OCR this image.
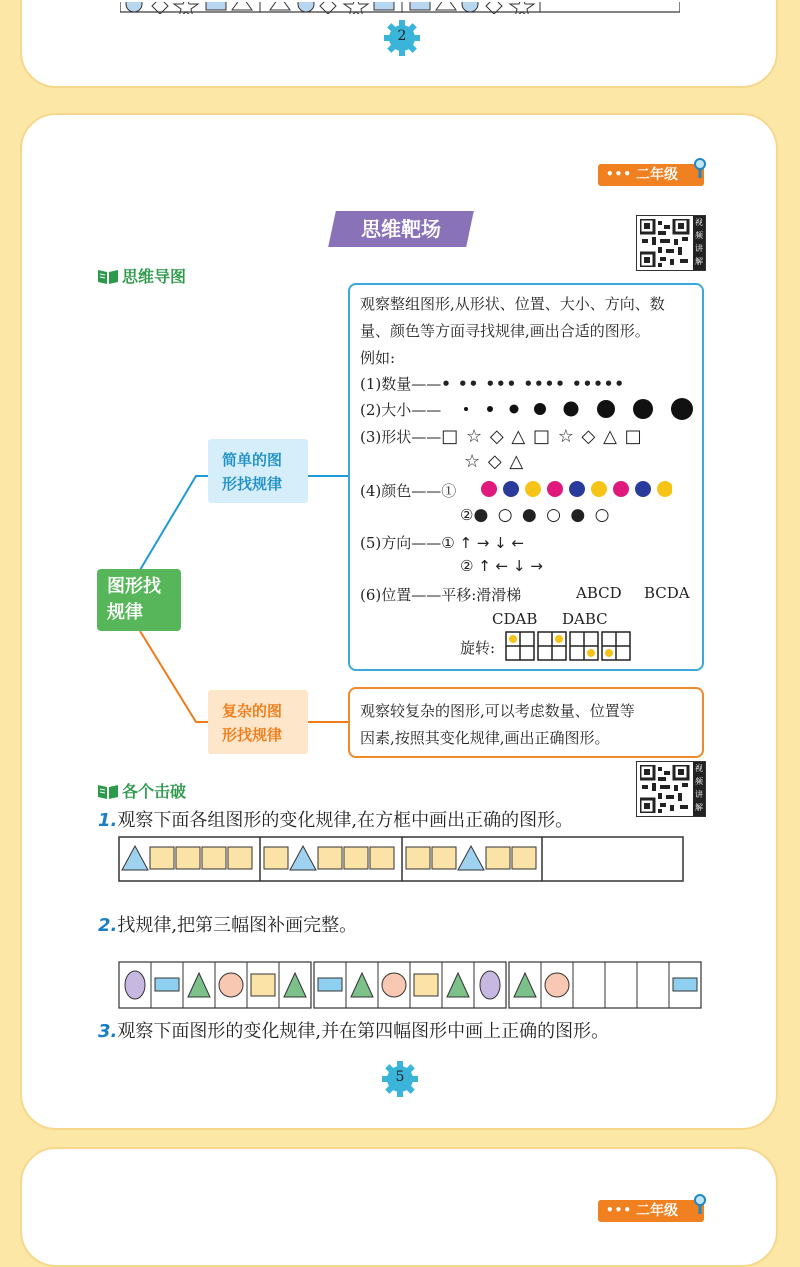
2
••• 二年级
思维靶场	视
频
讲
解
思维导图
图形找
规律
简单的图
形找规律
复杂的图
形找规律
观察整组图形,从形状、位置、大小、方向、数
量、颜色等方面寻找规律,画出合适的图形。
例如:
(1)数量——• •• ••• •••• •••••
(2)大小——
(3)形状——□ ☆ ◇ △ □ ☆ ◇ △ □
☆ ◇ △
(4)颜色——①
②● ○ ● ○ ● ○
(5)方向——① ↑ → ↓ ←
② ↑ ← ↓ →
(6)位置——平移:滑滑梯	ABCD BCDA
CDAB DABC
旋转:
观察较复杂的图形,可以考虑数量、位置等
因素,按照其变化规律,画出正确图形。
各个击破
视
频
讲
解
1.观察下面各组图形的变化规律,在方框中画出正确的图形。
2.找规律,把第三幅图补画完整。
3.观察下面图形的变化规律,并在第四幅图形中画上正确的图形。
5
••• 二年级
